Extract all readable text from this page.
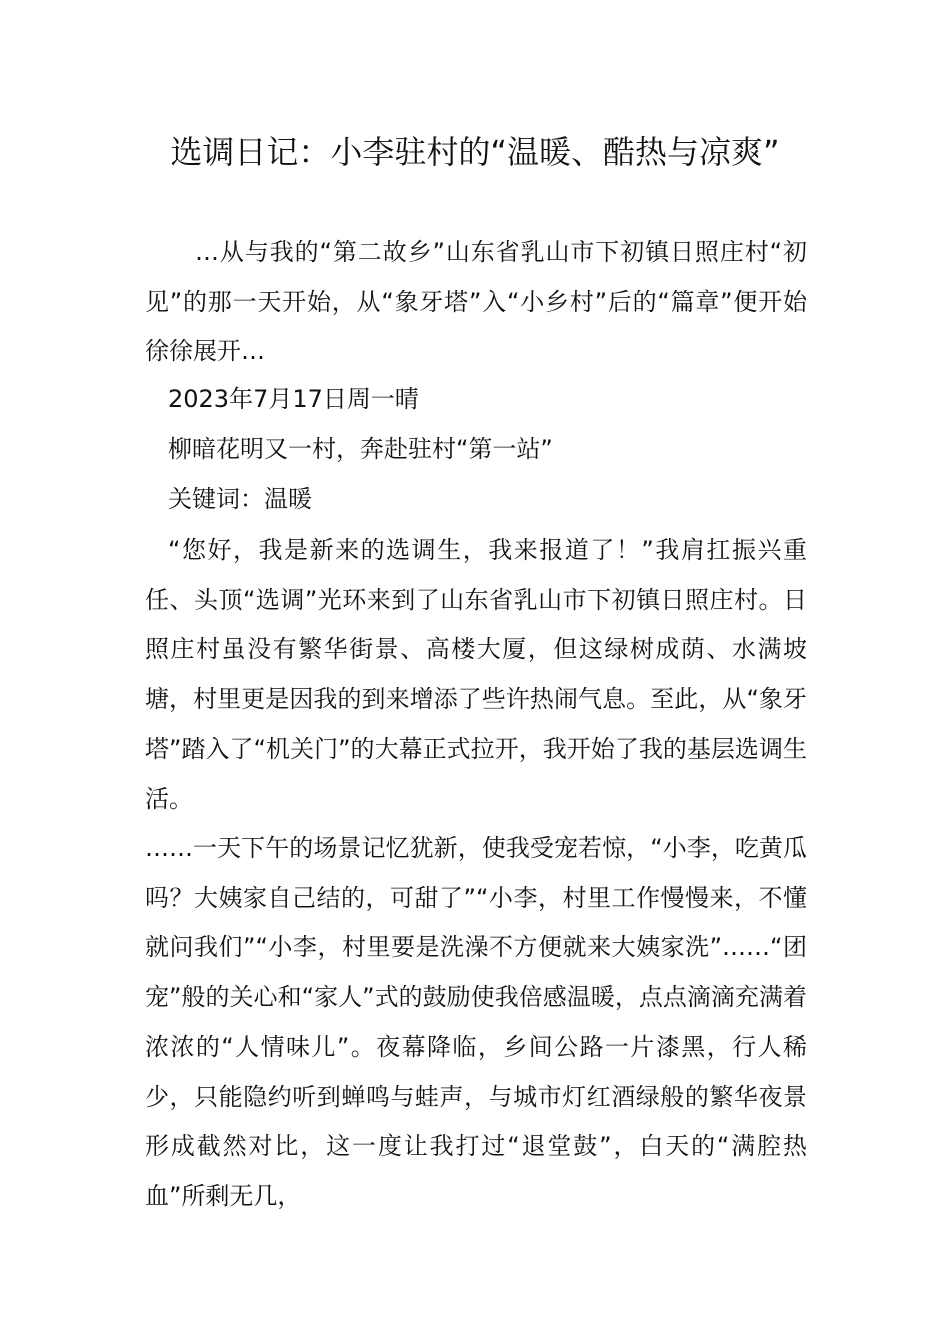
选调日记：小李驻村的“温暖、酷热与凉爽”

…从与我的“第二故乡”山东省乳山市下初镇日照庄村“初见”的那一天开始，从“象牙塔”入“小乡村”后的“篇章”便开始徐徐展开…

2023年7月17日周一晴

柳暗花明又一村，奔赴驻村“第一站”

关键词：温暖

“您好，我是新来的选调生，我来报道了！”我肩扛振兴重任、头顶“选调”光环来到了山东省乳山市下初镇日照庄村。日照庄村虽没有繁华街景、高楼大厦，但这绿树成荫、水满坡塘，村里更是因我的到来增添了些许热闹气息。至此，从“象牙塔”踏入了“机关门”的大幕正式拉开，我开始了我的基层选调生活。

……一天下午的场景记忆犹新，使我受宠若惊，“小李，吃黄瓜吗？大姨家自己结的，可甜了”“小李，村里工作慢慢来，不懂就问我们”“小李，村里要是洗澡不方便就来大姨家洗”……“团宠”般的关心和“家人”式的鼓励使我倍感温暖，点点滴滴充满着浓浓的“人情味儿”。夜幕降临，乡间公路一片漆黑，行人稀少，只能隐约听到蝉鸣与蛙声，与城市灯红酒绿般的繁华夜景形成截然对比，这一度让我打过“退堂鼓”，白天的“满腔热血”所剩无几，
